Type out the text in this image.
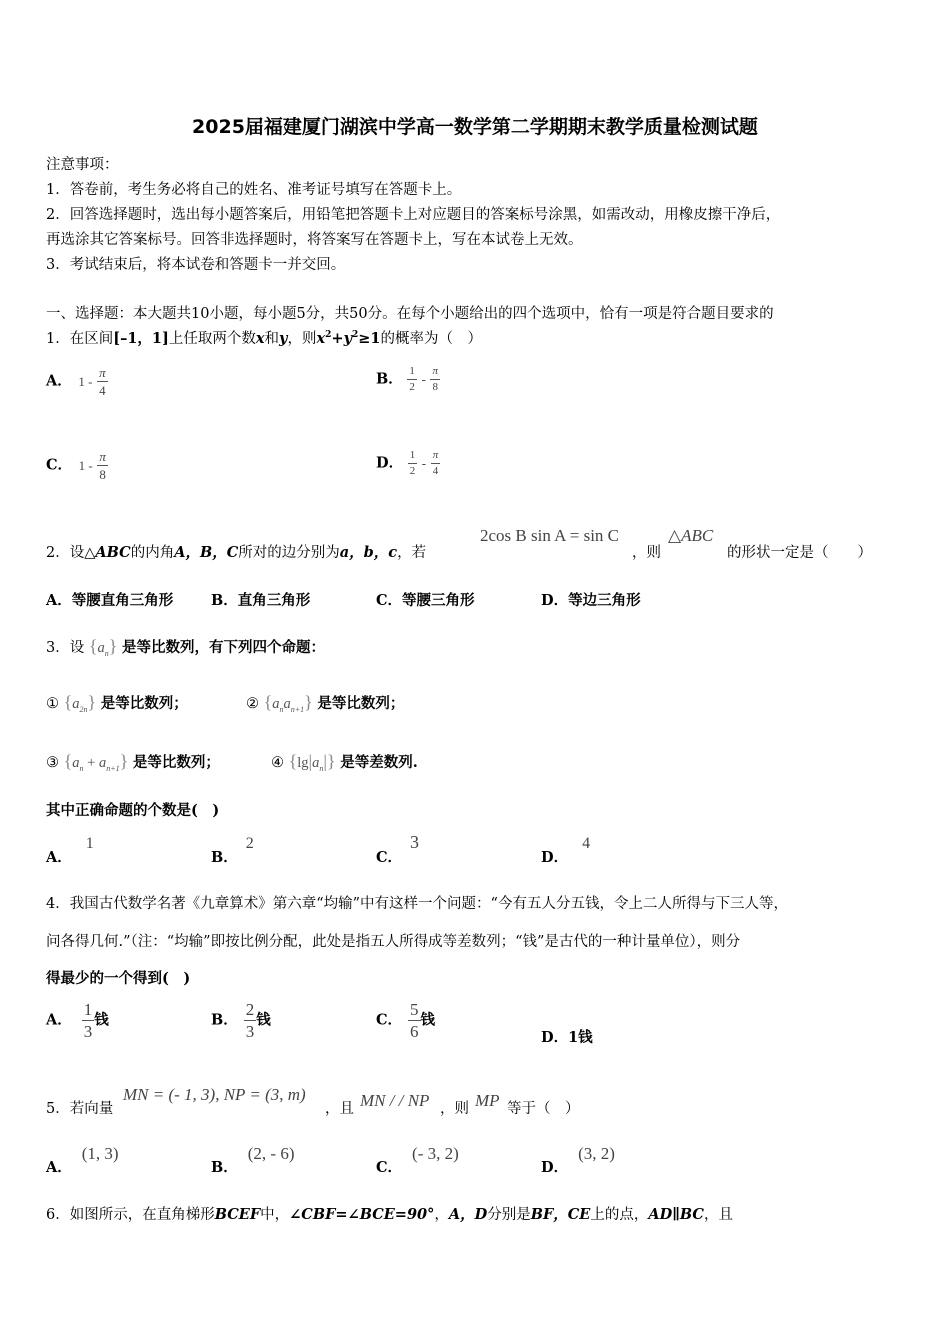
2025届福建厦门湖滨中学高一数学第二学期期末教学质量检测试题
注意事项：
1．答卷前，考生务必将自己的姓名、准考证号填写在答题卡上。
2．回答选择题时，选出每小题答案后，用铅笔把答题卡上对应题目的答案标号涂黑，如需改动，用橡皮擦干净后，
再选涂其它答案标号。回答非选择题时，将答案写在答题卡上，写在本试卷上无效。
3．考试结束后，将本试卷和答题卡一并交回。
一、选择题：本大题共10小题，每小题5分，共50分。在每个小题给出的四个选项中，恰有一项是符合题目要求的
1．在区间[–1，1]上任取两个数x和y，则$x^2+y^2\ge 1$的概率为（　）
A． $1 - \frac{\pi}{4}$	B． $\frac{1}{2} - \frac{\pi}{8}$
C． $1 - \frac{\pi}{8}$	D． $\frac{1}{2} - \frac{\pi}{4}$
2．设△ABC的内角A，B，C所对的边分别为a，b，c，若
2cos B sin A = sin C
，则
△ABC
的形状一定是（　　）
A．等腰直角三角形	B．直角三角形	C．等腰三角形	D．等边三角形
3．设 $\{a_n\}$ 是等比数列，有下列四个命题：
① $\{a_{2n}\}$ 是等比数列；	② $\{a_na_{n+1}\}$ 是等比数列；
③ $\{a_n + a_{n+1}\}$ 是等比数列；	④ $\{\lg|a_n|\}$ 是等差数列.
其中正确命题的个数是(　)
A．1
B．2
C．3
D．4
4．我国古代数学名著《九章算术》第六章“均输”中有这样一个问题：“今有五人分五钱，令上二人所得与下三人等，
问各得几何.”（注：“均输”即按比例分配，此处是指五人所得成等差数列；“钱”是古代的一种计量单位），则分
得最少的一个得到(　)
A． $\frac{1}{3}$ 钱	B． $\frac{2}{3}$ 钱	C． $\frac{5}{6}$ 钱
D．1钱
5．若向量
MN = (- 1, 3), NP = (3, m)
，且 MN / / NP ，则 MP 等于（　）
A．(1, 3)
B．(2, - 6)
C．(- 3, 2)
D．(3, 2)
6．如图所示，在直角梯形BCEF中，∠CBF=∠BCE=90°，A，D分别是BF，CE上的点，AD∥BC，且
